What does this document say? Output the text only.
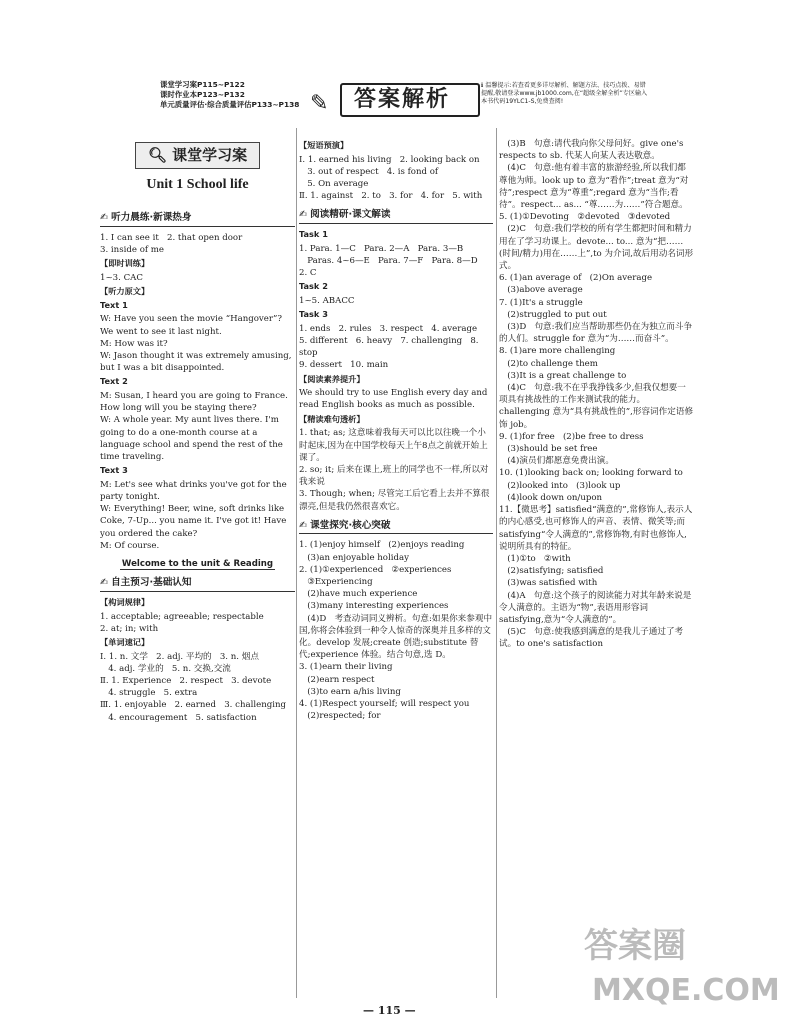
课堂学习案P115~P122
课时作业本P123~P132
单元质量评估·综合质量评估P133~P138 ✎ 答案解析
ℹ 温馨提示:若查看更多详尽解析、解题方法、技巧点拨、易错提醒,敬请登录www.jb1000.com,在“超级全解全析”专区输入本书代码19YLC1-S,免费查阅!
🔍︎ 课堂学习案
Unit 1 School life
✍ 听力晨练·新课热身
1. I can see it   2. that open door
3. inside of me
【即时训练】
1~3. CAC
【听力原文】
Text 1
W: Have you seen the movie “Hangover”? We went to see it last night.
M: How was it?
W: Jason thought it was extremely amusing, but I was a bit disappointed.
Text 2
M: Susan, I heard you are going to France. How long will you be staying there?
W: A whole year. My aunt lives there. I'm going to do a one-month course at a language school and spend the rest of the time traveling.
Text 3
M: Let's see what drinks you've got for the party tonight.
W: Everything! Beer, wine, soft drinks like Coke, 7-Up... you name it. I've got it! Have you ordered the cake?
M: Of course.
Welcome to the unit & Reading
✍ 自主预习·基础认知
【构词规律】
1. acceptable; agreeable; respectable
2. at; in; with
【单词速记】
Ⅰ. 1. n. 文学   2. adj. 平均的   3. n. 烟点
4. adj. 学业的   5. n. 交换,交流
Ⅱ. 1. Experience   2. respect   3. devote
4. struggle   5. extra
Ⅲ. 1. enjoyable   2. earned   3. challenging
4. encouragement   5. satisfaction
【短语预演】
Ⅰ. 1. earned his living   2. looking back on
3. out of respect   4. is fond of
5. On average
Ⅱ. 1. against   2. to   3. for   4. for   5. with
✍ 阅读精研·课文解读
Task 1
1. Para. 1—C   Para. 2—A   Para. 3—B
Paras. 4~6—E   Para. 7—F   Para. 8—D
2. C
Task 2
1~5. ABACC
Task 3
1. ends   2. rules   3. respect   4. average
5. different   6. heavy   7. challenging   8. stop
9. dessert   10. main
【阅读素养提升】
We should try to use English every day and read English books as much as possible.
【精读难句透析】
1. that; as; 这意味着我每天可以比以往晚一个小时起床,因为在中国学校每天上午8点之前就开始上课了。
2. so; it; 后来在课上,班上的同学也不一样,所以对我来说
3. Though; when; 尽管完工后它看上去并不算很漂亮,但是我仍然很喜欢它。
✍ 课堂探究·核心突破
1. (1)enjoy himself   (2)enjoys reading
(3)an enjoyable holiday
2. (1)①experienced   ②experiences
③Experiencing
(2)have much experience
(3)many interesting experiences
(4)D   考查动词同义辨析。句意:如果你来参观中国,你将会体验到一种令人惊奇的深奥并且多样的文化。develop 发展;create 创造;substitute 替代;experience 体验。结合句意,选 D。
3. (1)earn their living
(2)earn respect
(3)to earn a/his living
4. (1)Respect yourself; will respect you
(2)respected; for
(3)B   句意:请代我向你父母问好。give one's respects to sb. 代某人向某人表达敬意。
(4)C   句意:他有着丰富的旅游经验,所以我们都尊他为师。look up to 意为“看作”;treat 意为“对待”;respect 意为“尊重”;regard 意为“当作;看待”。respect... as... “尊……为……”符合题意。
5. (1)①Devoting   ②devoted   ③devoted
(2)C   句意:我们学校的所有学生都把时间和精力用在了学习功课上。devote... to... 意为“把……(时间/精力)用在……上”,to 为介词,故后用动名词形式。
6. (1)an average of   (2)On average
(3)above average
7. (1)It's a struggle
(2)struggled to put out
(3)D   句意:我们应当帮助那些仍在为独立而斗争的人们。struggle for 意为“为……而奋斗”。
8. (1)are more challenging
(2)to challenge them
(3)It is a great challenge to
(4)C   句意:我不在乎我挣钱多少,但我仅想要一项具有挑战性的工作来测试我的能力。challenging 意为“具有挑战性的”,形容词作定语修饰 job。
9. (1)for free   (2)be free to dress
(3)should be set free
(4)演员们都愿意免费出演。
10. (1)looking back on; looking forward to
(2)looked into   (3)look up
(4)look down on/upon
11.【微思考】satisfied“满意的”,常修饰人,表示人的内心感受,也可修饰人的声音、表情、微笑等;而 satisfying“令人满意的”,常修饰物,有时也修饰人,说明所具有的特征。
(1)①to   ②with
(2)satisfying; satisfied
(3)was satisfied with
(4)A   句意:这个孩子的阅读能力对其年龄来说是令人满意的。主语为“物”,表语用形容词 satisfying,意为“令人满意的”。
(5)C   句意:使我感到满意的是我儿子通过了考试。to one's satisfaction
答案圈
MXQE.COM
— 115 —
